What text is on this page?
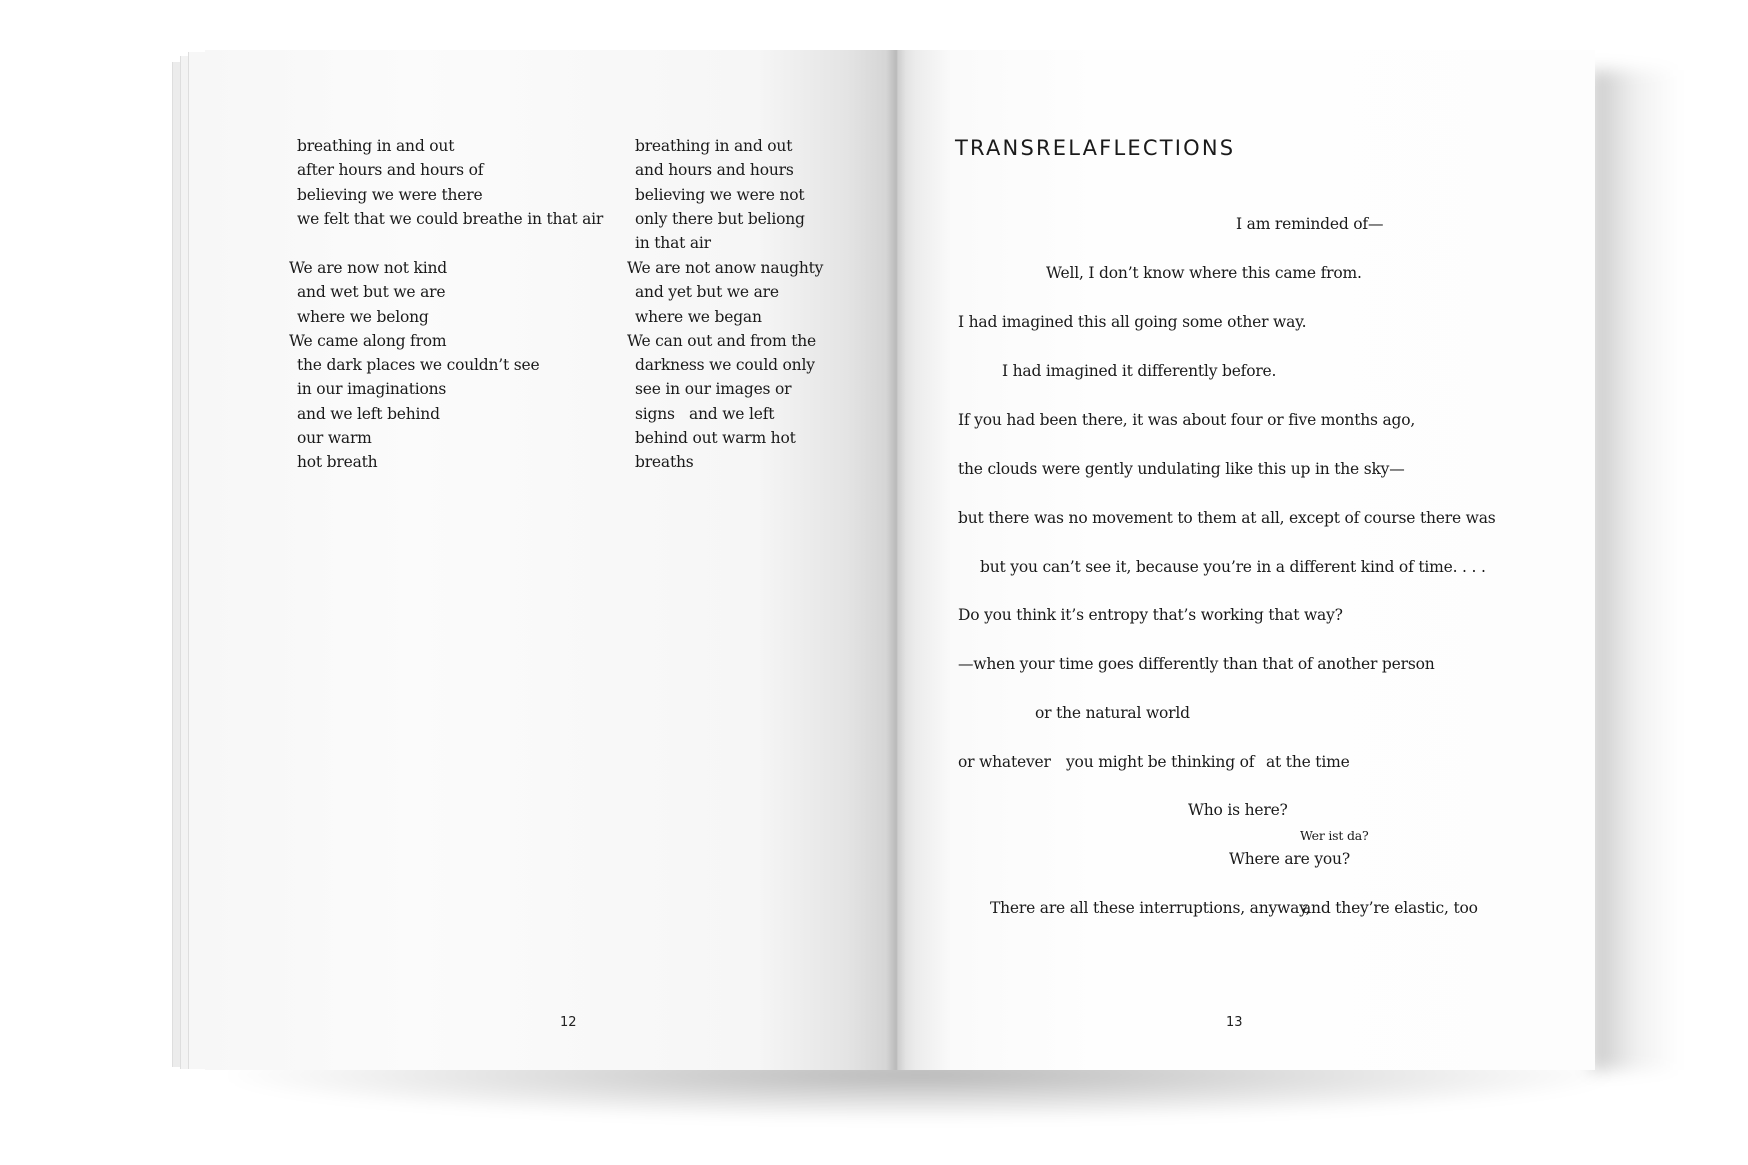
breathing in and out
after hours and hours of
believing we were there
we felt that we could breathe in that air
We are now not kind
and wet but we are
where we belong
We came along from
the dark places we couldn’t see
in our imaginations
and we left behind
our warm
hot breath
breathing in and out
and hours and hours
believing we were not
only there but beliong
in that air
We are not anow naughty
and yet but we are
where we began
We can out and from the
darkness we could only
see in our images or
signs   and we left
behind out warm hot
breaths
12
TRANSRELAFLECTIONS
I am reminded of—
Well, I don’t know where this came from.
I had imagined this all going some other way.
I had imagined it differently before.
If you had been there, it was about four or five months ago,
the clouds were gently undulating like this up in the sky—
but there was no movement to them at all, except of course there was
but you can’t see it, because you’re in a different kind of time. . . .
Do you think it’s entropy that’s working that way?
—when your time goes differently than that of another person
or the natural world
or whatever you might be thinking of at the time
Who is here?
Wer ist da?
Where are you?
There are all these interruptions, anyway,
and they’re elastic, too
13
